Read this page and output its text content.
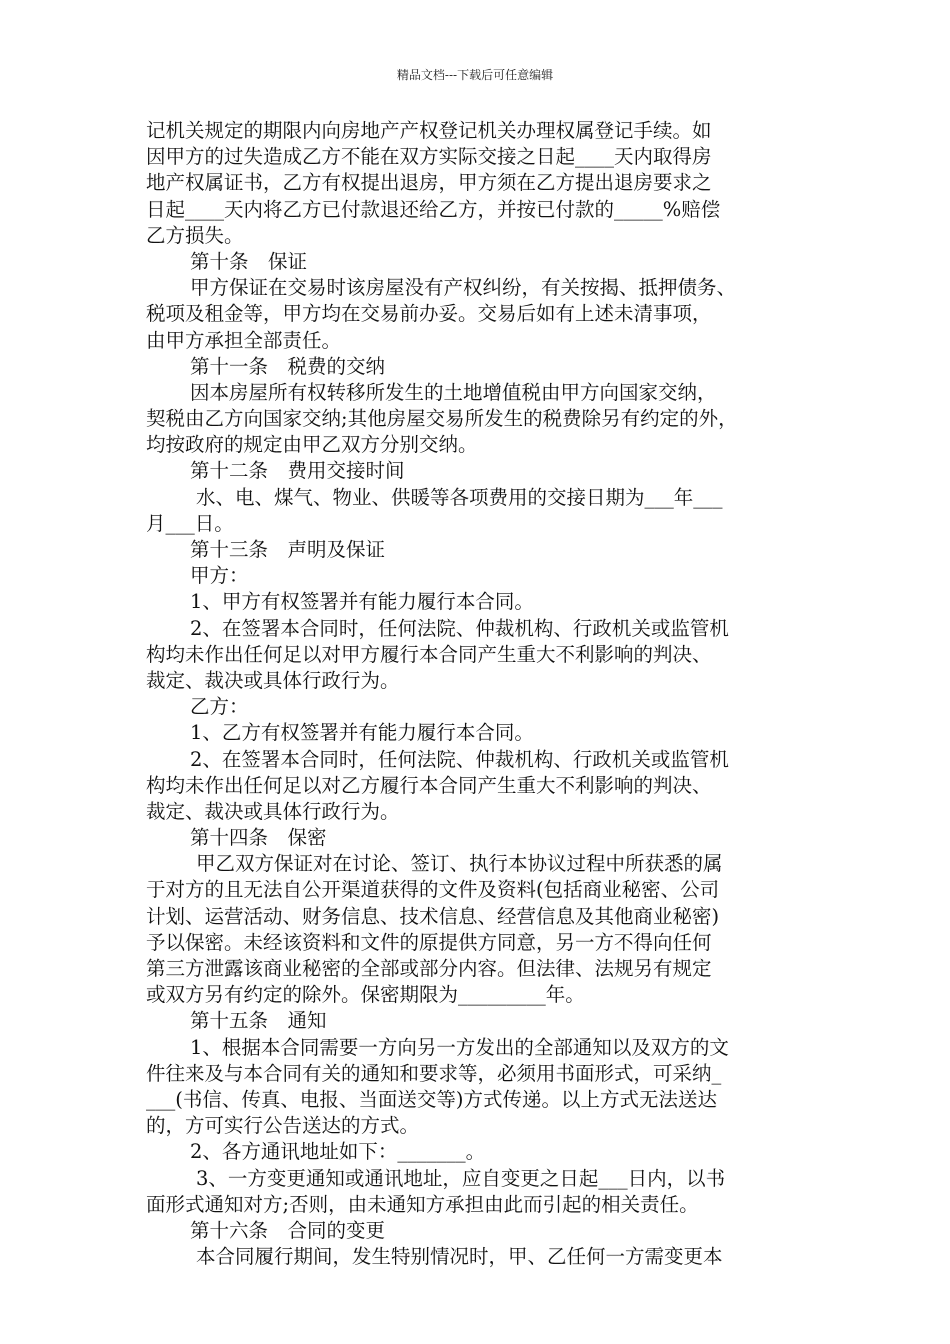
精品文档---下载后可任意编辑
记机关规定的期限内向房地产产权登记机关办理权属登记手续。如
因甲方的过失造成乙方不能在双方实际交接之日起____天内取得房
地产权属证书，乙方有权提出退房，甲方须在乙方提出退房要求之
日起____天内将乙方已付款退还给乙方，并按已付款的_____%赔偿
乙方损失。
第十条　保证
甲方保证在交易时该房屋没有产权纠纷，有关按揭、抵押债务、
税项及租金等，甲方均在交易前办妥。交易后如有上述未清事项，
由甲方承担全部责任。
第十一条　税费的交纳
因本房屋所有权转移所发生的土地增值税由甲方向国家交纳，
契税由乙方向国家交纳;其他房屋交易所发生的税费除另有约定的外，
均按政府的规定由甲乙双方分别交纳。
第十二条　费用交接时间
水、电、煤气、物业、供暖等各项费用的交接日期为___年___
月___日。
第十三条　声明及保证
甲方：
1、甲方有权签署并有能力履行本合同。
2、在签署本合同时，任何法院、仲裁机构、行政机关或监管机
构均未作出任何足以对甲方履行本合同产生重大不利影响的判决、
裁定、裁决或具体行政行为。
乙方：
1、乙方有权签署并有能力履行本合同。
2、在签署本合同时，任何法院、仲裁机构、行政机关或监管机
构均未作出任何足以对乙方履行本合同产生重大不利影响的判决、
裁定、裁决或具体行政行为。
第十四条　保密
甲乙双方保证对在讨论、签订、执行本协议过程中所获悉的属
于对方的且无法自公开渠道获得的文件及资料(包括商业秘密、公司
计划、运营活动、财务信息、技术信息、经营信息及其他商业秘密)
予以保密。未经该资料和文件的原提供方同意，另一方不得向任何
第三方泄露该商业秘密的全部或部分内容。但法律、法规另有规定
或双方另有约定的除外。保密期限为_________年。
第十五条　通知
1、根据本合同需要一方向另一方发出的全部通知以及双方的文
件往来及与本合同有关的通知和要求等，必须用书面形式，可采纳_
___(书信、传真、电报、当面送交等)方式传递。以上方式无法送达
的，方可实行公告送达的方式。
2、各方通讯地址如下：_______。
3、一方变更通知或通讯地址，应自变更之日起___日内，以书
面形式通知对方;否则，由未通知方承担由此而引起的相关责任。
第十六条　合同的变更
本合同履行期间，发生特别情况时，甲、乙任何一方需变更本
